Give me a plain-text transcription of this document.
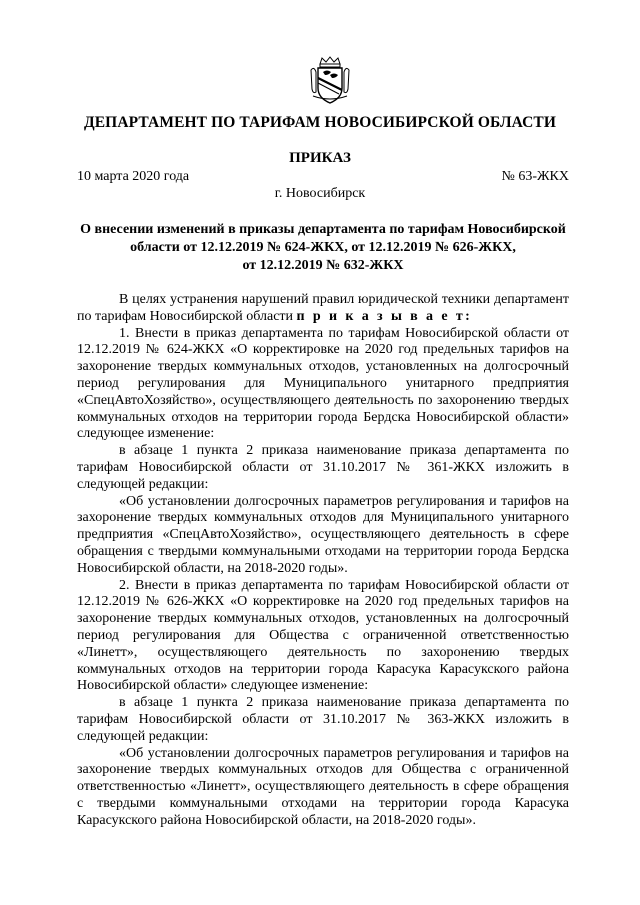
ДЕПАРТАМЕНТ ПО ТАРИФАМ НОВОСИБИРСКОЙ ОБЛАСТИ
ПРИКАЗ
10 марта 2020 года	№ 63-ЖКХ
г. Новосибирск
О внесении изменений в приказы департамента по тарифам Новосибирской
области от 12.12.2019 № 624-ЖКХ, от 12.12.2019 № 626-ЖКХ,
от 12.12.2019 № 632-ЖКХ

В целях устранения нарушений правил юридической техники департамент по тарифам Новосибирской области п р и к а з ы в а е т:

1. Внести в приказ департамента по тарифам Новосибирской области от 12.12.2019 № 624-ЖКХ «О корректировке на 2020 год предельных тарифов на захоронение твердых коммунальных отходов, установленных на долгосрочный период регулирования для Муниципального унитарного предприятия «СпецАвтоХозяйство», осуществляющего деятельность по захоронению твердых коммунальных отходов на территории города Бердска Новосибирской области» следующее изменение:

в абзаце 1 пункта 2 приказа наименование приказа департамента по тарифам Новосибирской области от 31.10.2017 № 361-ЖКХ изложить в следующей редакции:

«Об установлении долгосрочных параметров регулирования и тарифов на захоронение твердых коммунальных отходов для Муниципального унитарного предприятия «СпецАвтоХозяйство», осуществляющего деятельность в сфере обращения с твердыми коммунальными отходами на территории города Бердска Новосибирской области, на 2018-2020 годы».

2. Внести в приказ департамента по тарифам Новосибирской области от 12.12.2019 № 626-ЖКХ «О корректировке на 2020 год предельных тарифов на захоронение твердых коммунальных отходов, установленных на долгосрочный период регулирования для Общества с ограниченной ответственностью «Линетт», осуществляющего деятельность по захоронению твердых коммунальных отходов на территории города Карасука Карасукского района Новосибирской области» следующее изменение:

в абзаце 1 пункта 2 приказа наименование приказа департамента по тарифам Новосибирской области от 31.10.2017 № 363-ЖКХ изложить в следующей редакции:

«Об установлении долгосрочных параметров регулирования и тарифов на захоронение твердых коммунальных отходов для Общества с ограниченной ответственностью «Линетт», осуществляющего деятельность в сфере обращения с твердыми коммунальными отходами на территории города Карасука Карасукского района Новосибирской области, на 2018-2020 годы».
